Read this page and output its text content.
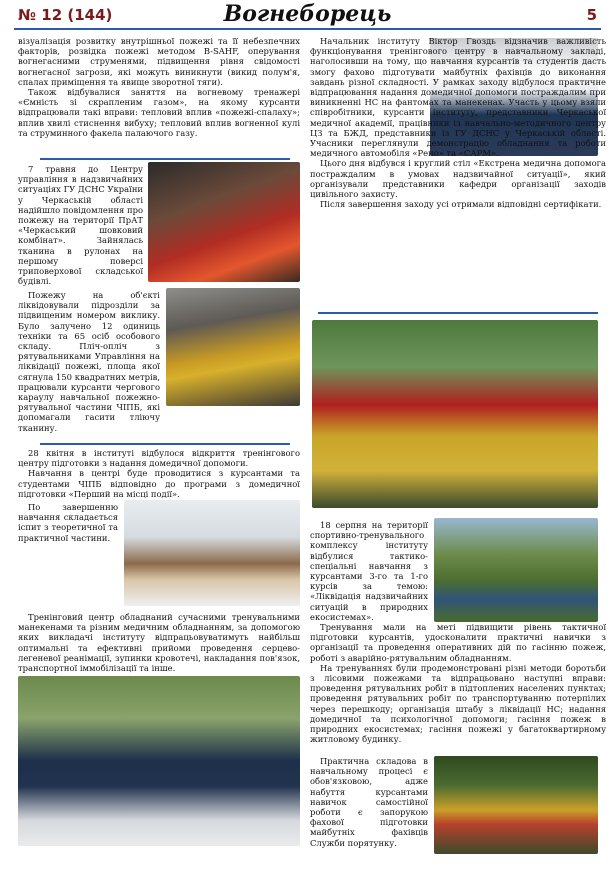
№ 12 (144)	Вогнеборець	5

візуалізація розвитку внутрішньої пожежі та її небезпечних факторів, розвідка пожежі методом B-SAHF, оперування вогнегасними струменями, підвищення рівня свідомості вогнегасної загрози, які можуть виникнути (викид полум'я, спалах приміщення та явище зворотної тяги).

Також відбувалися заняття на вогневому тренажері «Ємність зі скрапленим газом», на якому курсанти відпрацювали такі вправи: тепловий вплив «пожежі-спалаху»; вплив хвилі стиснення вибуху; тепловий вплив вогненної кулі та струминного факела палаючого газу.

7 травня до Центру управління в надзвичайних ситуаціях ГУ ДСНС України у Черкаській області надійшло повідомлення про пожежу на території ПрАТ «Черкаський шовковий комбінат». Зайнялась тканина в рулонах на першому поверсі триповерхової складської будівлі.

Пожежу на об'єкті ліквідовували підрозділи за підвищеним номером виклику. Було залучено 12 одиниць техніки та 65 осіб особового складу. Пліч-опліч з рятувальниками Управління на ліквідації пожежі, площа якої сягнула 150 квадратних метрів, працювали курсанти чергового караулу навчальної пожежно-рятувальної частини ЧІПБ, які допомагали гасити тліючу тканину.

28 квітня в інституті відбулося відкриття тренінгового центру підготовки з надання домедичної допомоги.

Навчання в центрі буде проводитися з курсантами та студентами ЧІПБ відповідно до програми з домедичної підготовки «Перший на місці події».

По завершенню навчання складається іспит з теоретичної та практичної частини.

Тренінговий центр обладнаний сучасними тренувальними манекенами та різним медичним обладнанням, за допомогою яких викладачі інституту відпрацьовуватимуть найбільш оптимальні та ефективні прийоми проведення серцево-легеневої реанімації, зупинки кровотечі, накладання пов'язок, транспортної іммобілізації та інше.

Начальник інституту Віктор Гвоздь відзначив важливість функціонування тренінгового центру в навчальному закладі, наголосивши на тому, що навчання курсантів та студентів дасть змогу фахово підготувати майбутніх фахівців до виконання завдань різної складності. У рамках заходу відбулося практичне відпрацювання надання домедичної допомоги постраждалим при виникненні НС на фантомах та манекенах. Участь у цьому взяли співробітники, курсанти інституту, представники Черкаської медичної академії, працівники із навчально-методичного центру ЦЗ та БЖД, представники із ГУ ДСНС у Черкаській області. Учасники переглянули демонстрацію обладнання та роботи медичного автомобіля «Рено» та «САРМ».

Цього дня відбувся і круглий стіл «Екстрена медична допомога постраждалим в умовах надзвичайної ситуації», який організували представники кафедри організації заходів цивільного захисту.

Після завершення заходу усі отримали відповідні сертифікати.

18 серпня на території спортивно-тренувального комплексу інституту відбулися тактико-спеціальні навчання з курсантами 3-го та 1-го курсів за темою: «Ліквідація надзвичайних ситуацій в природних екосистемах».

Тренування мали на меті підвищити рівень тактичної підготовки курсантів, удосконалити практичні навички з організації та проведення оперативних дій по гасінню пожеж, роботі з аварійно-рятувальним обладнанням.

На тренуваннях були продемонстровані різні методи боротьби з лісовими пожежами та відпрацьовано наступні вправи: проведення рятувальних робіт в підтоплених населених пунктах; проведення рятувальних робіт по транспортуванню потерпілих через перешкоду; організація штабу з ліквідації НС; надання домедичної та психологічної допомоги; гасіння пожеж в природних екосистемах; гасіння пожежі у багатоквартирному житловому будинку.

Практична складова в навчальному процесі є обов'язковою, адже набуття курсантами навичок самостійної роботи є запорукою фахової підготовки майбутніх фахівців Служби порятунку.
